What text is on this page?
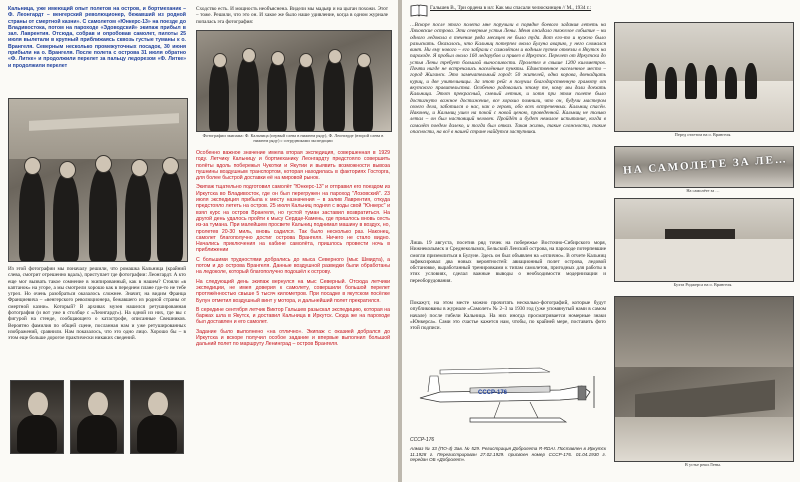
Кальница, уже имеющий опыт полетов на остров, и бортмеханик – Ф. Леонгардт – венгерский революционер, бежавший из родной страны от смертной казни». С самолетом «Юнкерс-13» на поезде до Владивостока, потом на пароходе «Эдоводский» экипаж прибыл в зал. Лаврентия. Отсюда, собрав и опробовав самолет, пилоты 25 июля вылетали в крупный приближаясь сквозь густые туманы к о. Врангеля. Северным несколько промежуточных посадок, 30 июня прибыли на о. Врангеля. После полета с острова 31 июля обратно «Ф. Литке» и продолжили перелет за пальцу ледорезом «Ф. Литке» и продолжили перелет
Сходство есть. И мощность необъяснена. Видели мы мадьяр и на цыган похожи. Этот – тоже. Решили, что это он. И хакое же было наше удивление, когда в одном журнале попалась эта фотография:
Фотографии экипажа: Ф. Кальница (первый слева в нижнем ряду), Ф. Леонгардт (второй слева в нижнем ряду) с сотрудниками экспедиции

Особенно важное значение имела вторая экспедиция, совершенная в 1929 году. Летчику Кальницу и бортмеханику Леонгардту предстояло совершить полёты вдоль побережья Чукотки и Якутии и выявить возможности вывоза пушнины воздушным транспортом, которая находилась в факториях Госторга, для более быстрой доставки её на мировой рынок.

Экипаж тщательно подготовил самолёт "Юнкерс-13" и отправил его поездом из Иркутска во Владивосток, где он был перегружен на пароход "Лозовский". 23 июля экспедиция прибыла к месту назначения – в залив Лаврентия, откуда предстояло лететь на остров. 25 июля Кальниц поднял с воды свой "Юнкерс" и взял курс на остров Врангеля, но густой туман заставил возвратиться. На другой день удалось пройти к мысу Сердце-Камень, где пришлось вновь сесть из-за тумана. При малейшем просвете Кальниц поднимал машину в воздух, но, пролетев 20-30 миль, вновь садился. Так было несколько раз. Наконец, самолет благополучно достиг острова Врангеля. Ничего не стало видно. Начались приключения на кабине самолёта, пришлось провести ночь в приближении

С большими трудностями добрались до мыса Северного (мыс Шмидта), а потом и до острова Врангеля. Данные воздушной разведки были обработаны на ледоколе, который благополучно подошёл к острову.

На следующий день экипаж вернулся на мыс Северный. Отсюда летчики экспедиции, не имея доверия к самолету, совершили большой перелет протяжённостью свыше 5 тысяч километров. При посадке в якутском посёлке Булун отметил воздушный винт у мотора, и дальнейший полет прекратился.

В середине сентября летчик Виктор Гальшев разыскал экспедицию, которая на баржах шла в Якутск, и доставил Кальница в Иркутск. Сюда же на пароходе был доставлен и его самолет.

Задание было выполнено «на отлично». Экипаж с оказией добрался до Иркутска и вскоре получил особое задание и впервые выполнил большой дальний полет по маршруту Ленинград – остров Врангеля.

Из этой фотографии мы поначалу решили, что ромашка Кальница (крайний слева, смотрит отрешенно вдаль), приступает где фотографии: Леонгардт. А кто еще мог вызвать такое сомнение в экипированный, как в нашем? Стояли «в каптанок» на угоре, а мы смотрели хорошо как в переднем плане где-то не тебе угрел. Но очень разобраться оказалось сложнее. Значит, на видим Франца Франциевича – «венгерского революционера, бежавшего из родной страны от смертной казни». Который? В архивах музея нашелся ретушированная фотография (и вот уже в столбце с «Леонгардт»). На одной из них, где вы с фигурой на стенде, сообщающего о катастрофе, описанные Свешников. Вероятно фамилия по общей сцене, посланная нам и уже ретушированных изображений, сравнили. Нам показалось, что это одно лицо. Хорошо бы – в этом еще больше дорогое практически никаких сведений.
Гальшев В., Три ордена в ил: Как мы спасали челюскинцев // М., 1934 г.:
…Вскоре после этого полета мне поручили в порядке боевого задания лететь на Ляховские острова. Эти северные устья Лены. Меня ожидало тяжелое событие – ни одного ледокола в течение ряда месяцев не было туда. Вот его-то и нужно было разыскать. Оказалось, что Кальниц потерпел около Булуна аварию, у него сломался винт. Ни ему нового – его забрали с самолётом и водным путем отвезли в Якутск на пароходе. Я пробыл около 160 ледорубов и привез в Иркутск. Перелет от Иркутска до устья Лены требует большой выносливости. Пролетел я свыше 1200 километров. Почти нигде не встречались населённые пункты. Единственное населенное место – город Жиганск. Это замечательный город: 50 жителей, одна корова, двенадцать куриц, и две учительницы. За этот рейс я получил благодарственную грамоту от якутского правительства. Особенно радовались этому те, кому мы дали доехать Кальница. Этот прекрасный, смелый летчик, и хотя при этом полете было достигнуто важное достижение, все хорошо помнили, что он, будучи мастером своего дела, заботился о нас, как о героях, обо всех встреченных. Кальниц спасён. Наконец, и Кальниц ушел на покой с новой ценою, проведенной. Кальниц не только летал – он был настоящий человек. Пройдёт и будет немалое испытание, когда в самолёт поедем далеко, и тогда был отказ. Такая жизнь, такие сложности, такие опасности, на всё в нашей стране найдутся заступники.
Лишь 19 августа, посетив ряд точек на побережье Восточно-Сибирского моря, Нижнеколымск и Среднеколымск, Бельский Ленский острова, на пароходе потерпевшие смогли приземлиться в Булуне. Здесь он был объявлен на «отлично». В отчете Кальниц зафиксировал два новых вероятностей: авиационный полет острова, ледовой обстановке, выработанный тренировками к типам самолетов, пригодных для работы в этих условиях, сделал важные выводы о необходимости модернизации и переоборудования.
Покажут, на этом месте можно прочитать несколько-фотографий, которые будут опубликованы в журнале «Самолет» № 2–3 за 1930 год (уже упомянутый нами в самом начале) после гибели Кальница. На них иногда просматривается номерные знаки «Юнкерса». Сами это счастье кажется нам, чтобы, по крайней мере, поставить фото этой подписи.
СССР-176
СССР-176
Алмаз № 33 (ПО-4) Зав. № 529. Регистрация Добролета R-RDAI. Поставлен в Иркутск 11.1928 г. Перегистрирован 27.02.1929. присвоен номер СССР-176. 01.04.1930 г. передан ОБ «Добролет».
Перед отлетом на о. Врангеля.
НА САМОЛЕТЕ ЗА ЛЕ…
На самолёте за …
Бухта Роджерса на о. Врангеля.
В устье реки Лены.
